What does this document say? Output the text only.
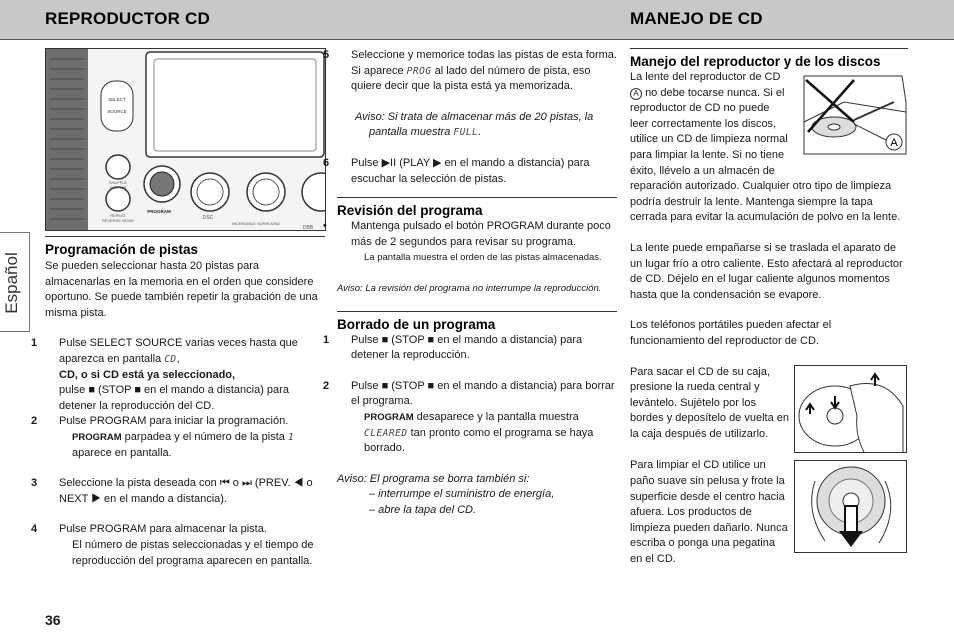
REPRODUCTOR CD	MANEJO DE CD
Español
SELECT
SOURCE
SHUFFLE
SIDE A/B
REPEAT
REVERSE MODE
PROGRAM
DSC
INCREDIBLE SURROUND
DBB
Programación de pistas

Se pueden seleccionar hasta 20 pistas para almacenarlas en la memoria en el orden que considere oportuno. Se puede también repetir la grabación de una misma pista.

1 Pulse SELECT SOURCE varias veces hasta que aparezca en pantalla CD,

CD, o si CD está ya seleccionado,

pulse ■ (STOP ■ en el mando a distancia) para detener la reproducción del CD.

2 Pulse PROGRAM para iniciar la programación.

PROGRAM parpadea y el número de la pista 1 aparece en pantalla.

3 Seleccione la pista deseada con ⏮ o ⏭ (PREV. ◀ o NEXT ▶ en el mando a distancia).

4 Pulse PROGRAM para almacenar la pista.

El número de pistas seleccionadas y el tiempo de reproducción del programa aparecen en pantalla.

5 Seleccione y memorice todas las pistas de esta forma. Si aparece PROG al lado del número de pista, eso quiere decir que la pista está ya memorizada.

Aviso: Si trata de almacenar más de 20 pistas, la pantalla muestra FULL.

6 Pulse ▶II (PLAY ▶ en el mando a distancia) para escuchar la selección de pistas.

Revisión del programa

• Mantenga pulsado el botón PROGRAM durante poco más de 2 segundos para revisar su programa.

La pantalla muestra el orden de las pistas almacenadas.

Aviso: La revisión del programa no interrumpe la reproducción.

Borrado de un programa

1 Pulse ■ (STOP ■ en el mando a distancia) para detener la reproducción.

2 Pulse ■ (STOP ■ en el mando a distancia) para borrar el programa.

PROGRAM desaparece y la pantalla muestra CLEARED tan pronto como el programa se haya borrado.

Aviso: El programa se borra también si:

– interrumpe el suministro de energía,

– abre la tapa del CD.

Manejo del reproductor y de los discos

La lente del reproductor de CD A no debe tocarse nunca. Si el reproductor de CD no puede leer correctamente los discos, utilice un CD de limpieza normal para limpiar la lente. Si no tiene éxito, llévelo a un almacén de

reparación autorizado. Cualquier otro tipo de limpieza podría destruir la lente. Mantenga siempre la tapa cerrada para evitar la acumulación de polvo en la lente.

La lente puede empañarse si se traslada el aparato de un lugar frío a otro caliente. Esto afectará al reproductor de CD. Déjelo en el lugar caliente algunos momentos hasta que la condensación se evapore.

Los teléfonos portátiles pueden afectar el funcionamiento del reproductor de CD.

Para sacar el CD de su caja, presione la rueda central y levántelo. Sujételo por los bordes y deposítelo de vuelta en la caja después de utilizarlo.

Para limpiar el CD utilice un paño suave sin pelusa y frote la superficie desde el centro hacia afuera. Los productos de limpieza pueden dañarlo. Nunca escriba o ponga una pegatina en el CD.

A
36
